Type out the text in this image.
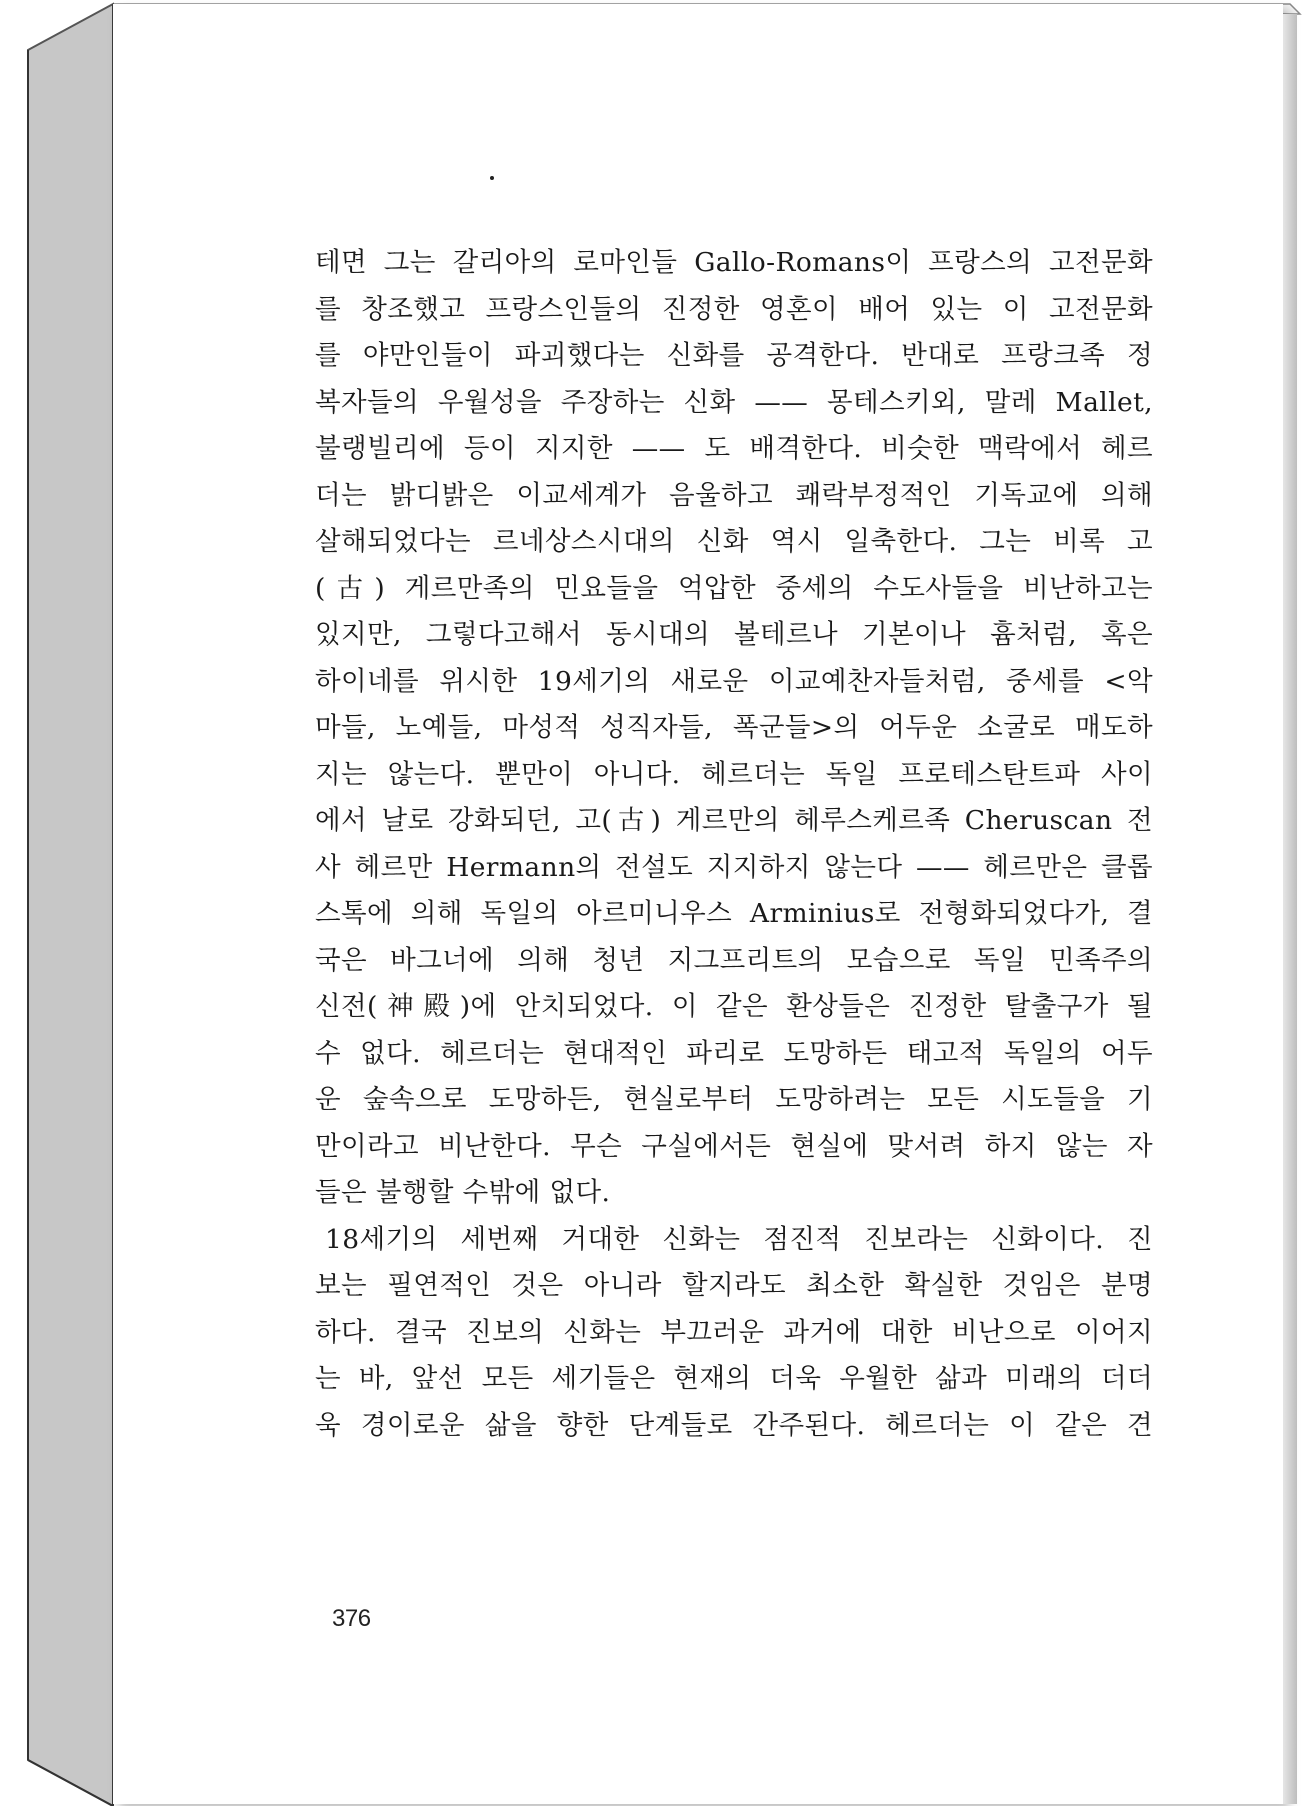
테면 그는 갈리아의 로마인들 Gallo-Romans이 프랑스의 고전문화
를 창조했고 프랑스인들의 진정한 영혼이 배어 있는 이 고전문화
를 야만인들이 파괴했다는 신화를 공격한다. 반대로 프랑크족 정
복자들의 우월성을 주장하는 신화 —— 몽테스키외, 말레 Mallet,
불랭빌리에 등이 지지한 —— 도 배격한다. 비슷한 맥락에서 헤르
더는 밝디밝은 이교세계가 음울하고 쾌락부정적인 기독교에 의해
살해되었다는 르네상스시대의 신화 역시 일축한다. 그는 비록 고
(古) 게르만족의 민요들을 억압한 중세의 수도사들을 비난하고는
있지만, 그렇다고해서 동시대의 볼테르나 기본이나 흄처럼, 혹은
하이네를 위시한 19세기의 새로운 이교예찬자들처럼, 중세를 <악
마들, 노예들, 마성적 성직자들, 폭군들>의 어두운 소굴로 매도하
지는 않는다. 뿐만이 아니다. 헤르더는 독일 프로테스탄트파 사이
에서 날로 강화되던, 고(古) 게르만의 헤루스케르족 Cheruscan 전
사 헤르만 Hermann의 전설도 지지하지 않는다 —— 헤르만은 클롭
스톡에 의해 독일의 아르미니우스 Arminius로 전형화되었다가, 결
국은 바그너에 의해 청년 지그프리트의 모습으로 독일 민족주의
신전(神殿)에 안치되었다. 이 같은 환상들은 진정한 탈출구가 될
수 없다. 헤르더는 현대적인 파리로 도망하든 태고적 독일의 어두
운 숲속으로 도망하든, 현실로부터 도망하려는 모든 시도들을 기
만이라고 비난한다. 무슨 구실에서든 현실에 맞서려 하지 않는 자
들은 불행할 수밖에 없다.
18세기의 세번째 거대한 신화는 점진적 진보라는 신화이다. 진
보는 필연적인 것은 아니라 할지라도 최소한 확실한 것임은 분명
하다. 결국 진보의 신화는 부끄러운 과거에 대한 비난으로 이어지
는 바, 앞선 모든 세기들은 현재의 더욱 우월한 삶과 미래의 더더
욱 경이로운 삶을 향한 단계들로 간주된다. 헤르더는 이 같은 견
376
